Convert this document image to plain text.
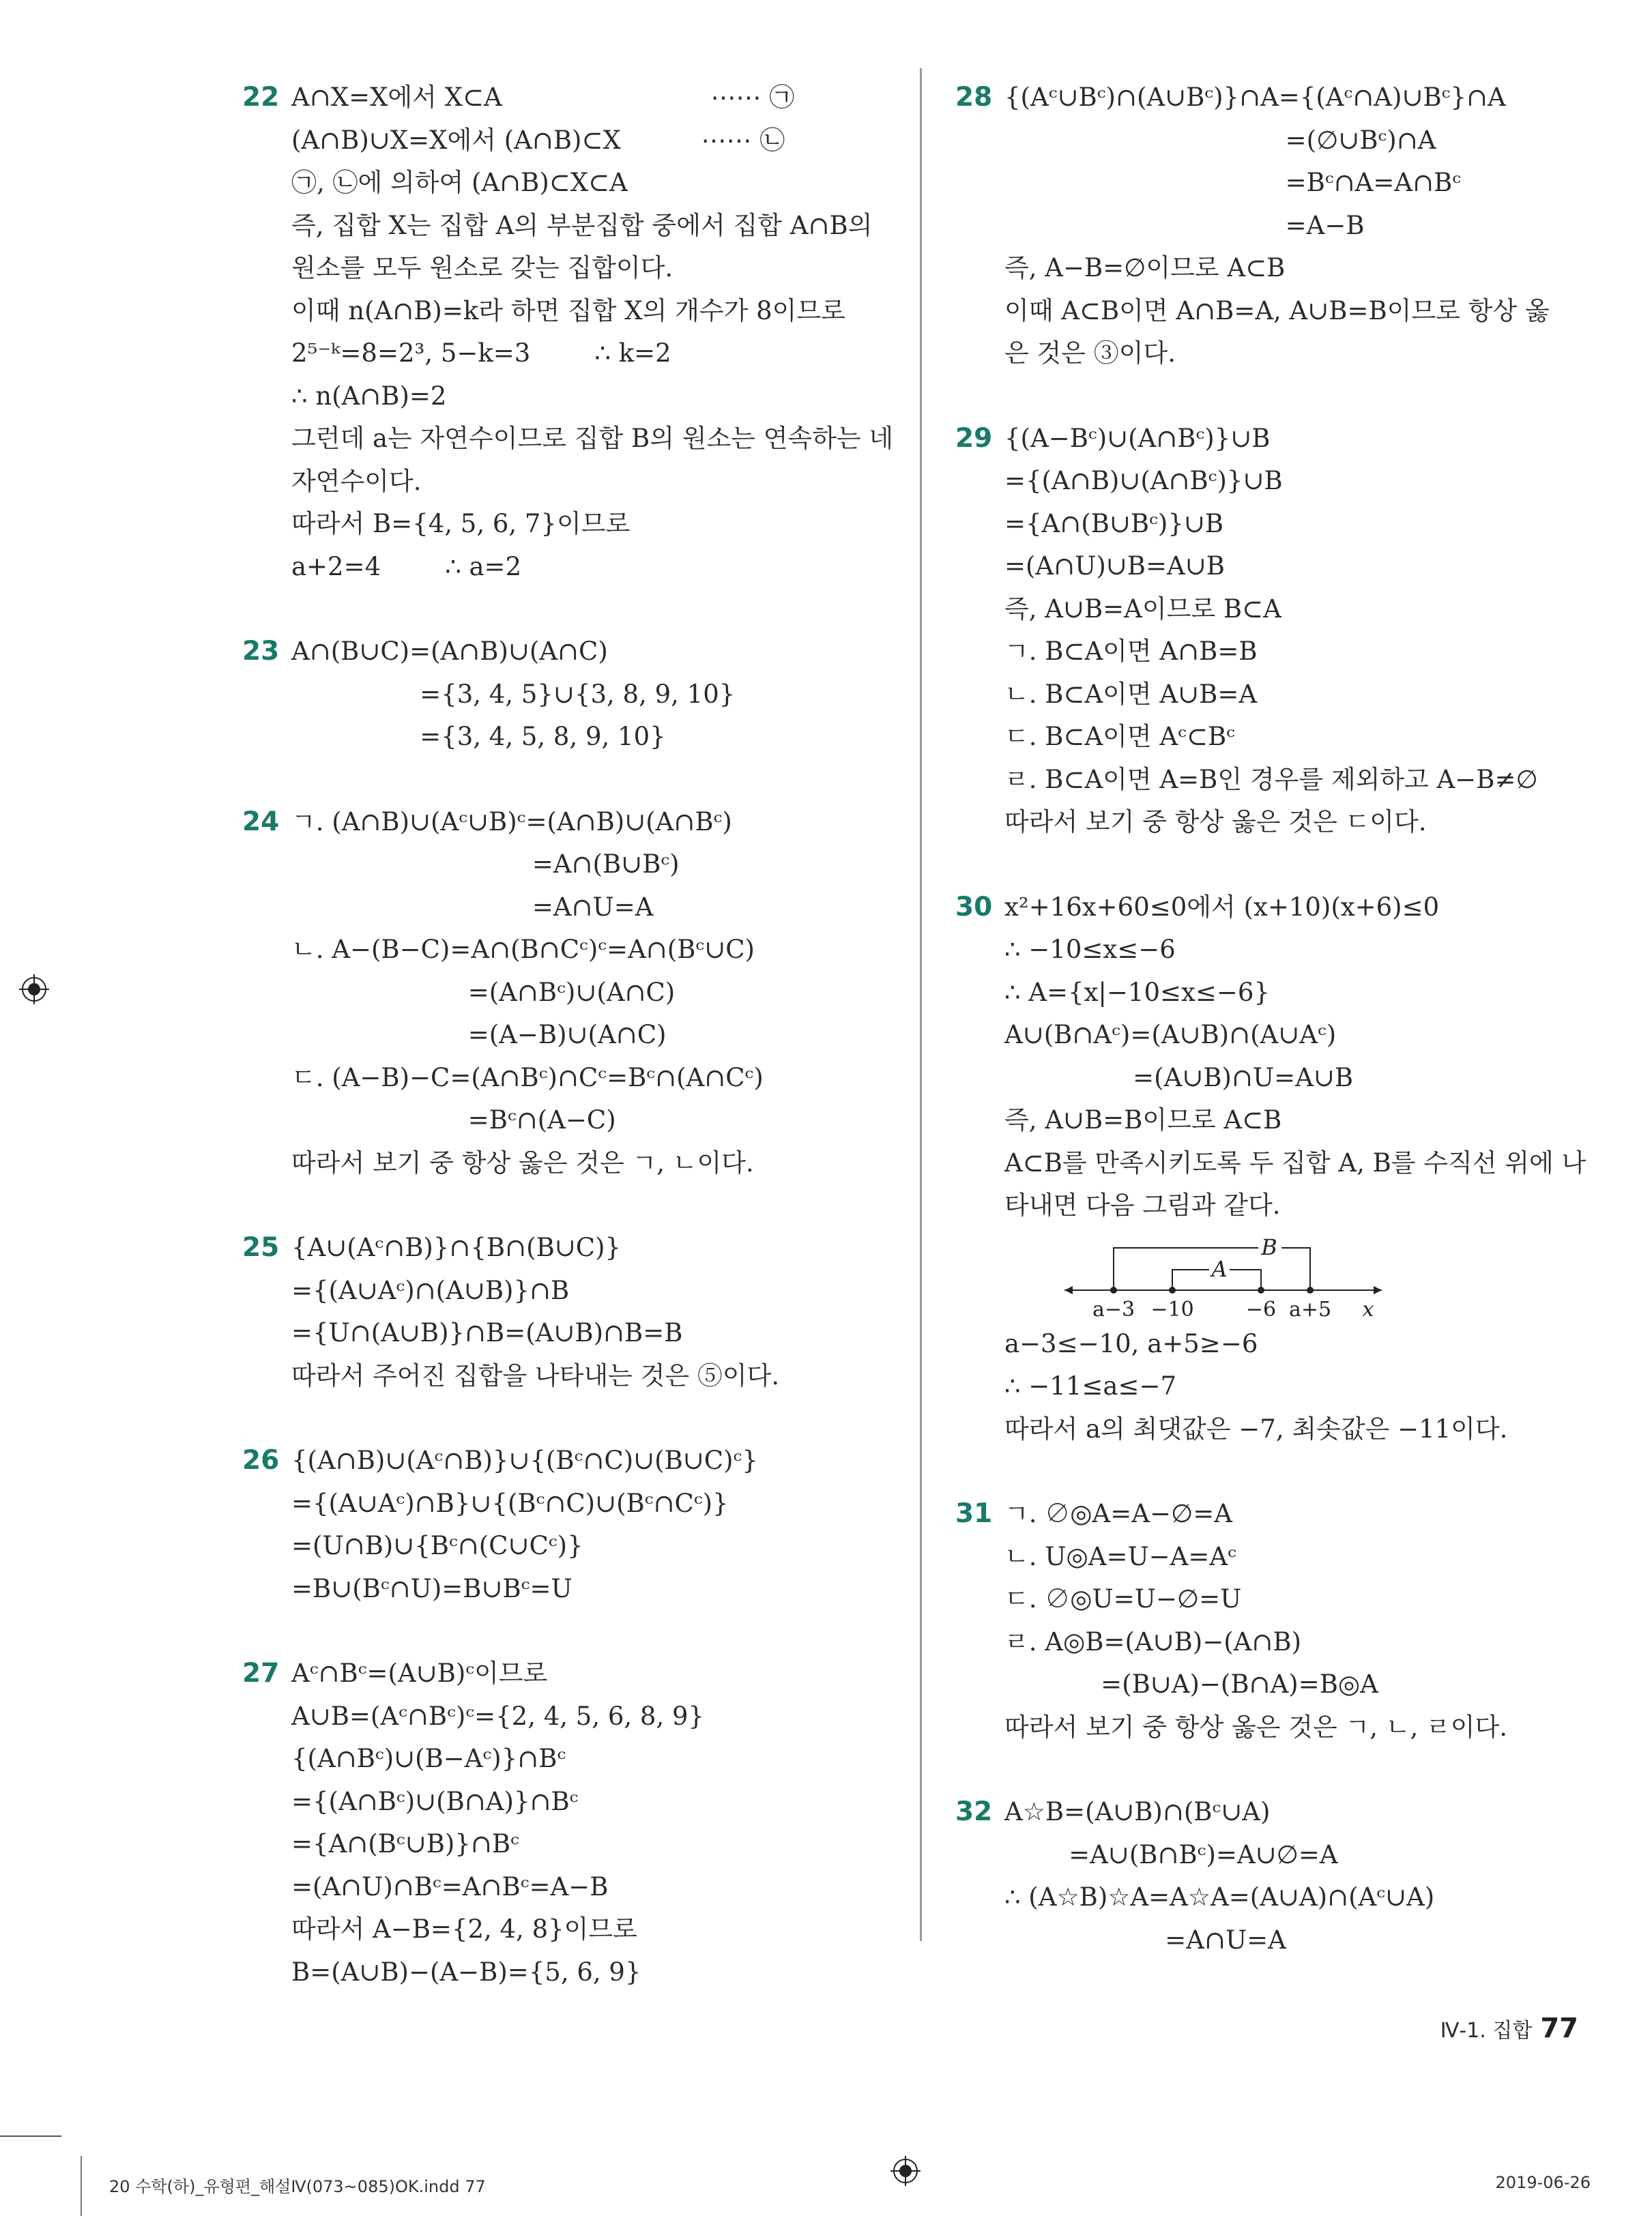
22 A∩X=X에서 X⊂A                          ⋯⋯ ㉠
(A∩B)∪X=X에서 (A∩B)⊂X          ⋯⋯ ㉡
㉠, ㉡에 의하여 (A∩B)⊂X⊂A
즉, 집합 X는 집합 A의 부분집합 중에서 집합 A∩B의
원소를 모두 원소로 갖는 집합이다.
이때 n(A∩B)=k라 하면 집합 X의 개수가 8이므로
2⁵⁻ᵏ=8=2³, 5−k=3        ∴ k=2
∴ n(A∩B)=2
그런데 a는 자연수이므로 집합 B의 원소는 연속하는 네
자연수이다.
따라서 B={4, 5, 6, 7}이므로
a+2=4        ∴ a=2
23 A∩(B∪C)=(A∩B)∪(A∩C)
={3, 4, 5}∪{3, 8, 9, 10}
={3, 4, 5, 8, 9, 10}
24 ㄱ. (A∩B)∪(Aᶜ∪B)ᶜ=(A∩B)∪(A∩Bᶜ)
=A∩(B∪Bᶜ)
=A∩U=A
ㄴ. A−(B−C)=A∩(B∩Cᶜ)ᶜ=A∩(Bᶜ∪C)
=(A∩Bᶜ)∪(A∩C)
=(A−B)∪(A∩C)
ㄷ. (A−B)−C=(A∩Bᶜ)∩Cᶜ=Bᶜ∩(A∩Cᶜ)
=Bᶜ∩(A−C)
따라서 보기 중 항상 옳은 것은 ㄱ, ㄴ이다.
25 {A∪(Aᶜ∩B)}∩{B∩(B∪C)}
={(A∪Aᶜ)∩(A∪B)}∩B
={U∩(A∪B)}∩B=(A∪B)∩B=B
따라서 주어진 집합을 나타내는 것은 ⑤이다.
26 {(A∩B)∪(Aᶜ∩B)}∪{(Bᶜ∩C)∪(B∪C)ᶜ}
={(A∪Aᶜ)∩B}∪{(Bᶜ∩C)∪(Bᶜ∩Cᶜ)}
=(U∩B)∪{Bᶜ∩(C∪Cᶜ)}
=B∪(Bᶜ∩U)=B∪Bᶜ=U
27 Aᶜ∩Bᶜ=(A∪B)ᶜ이므로
A∪B=(Aᶜ∩Bᶜ)ᶜ={2, 4, 5, 6, 8, 9}
{(A∩Bᶜ)∪(B−Aᶜ)}∩Bᶜ
={(A∩Bᶜ)∪(B∩A)}∩Bᶜ
={A∩(Bᶜ∪B)}∩Bᶜ
=(A∩U)∩Bᶜ=A∩Bᶜ=A−B
따라서 A−B={2, 4, 8}이므로
B=(A∪B)−(A−B)={5, 6, 9}
28 {(Aᶜ∪Bᶜ)∩(A∪Bᶜ)}∩A={(Aᶜ∩A)∪Bᶜ}∩A
=(∅∪Bᶜ)∩A
=Bᶜ∩A=A∩Bᶜ
=A−B
즉, A−B=∅이므로 A⊂B
이때 A⊂B이면 A∩B=A, A∪B=B이므로 항상 옳
은 것은 ③이다.
29 {(A−Bᶜ)∪(A∩Bᶜ)}∪B
={(A∩B)∪(A∩Bᶜ)}∪B
={A∩(B∪Bᶜ)}∪B
=(A∩U)∪B=A∪B
즉, A∪B=A이므로 B⊂A
ㄱ. B⊂A이면 A∩B=B
ㄴ. B⊂A이면 A∪B=A
ㄷ. B⊂A이면 Aᶜ⊂Bᶜ
ㄹ. B⊂A이면 A=B인 경우를 제외하고 A−B≠∅
따라서 보기 중 항상 옳은 것은 ㄷ이다.
30 x²+16x+60≤0에서 (x+10)(x+6)≤0
∴ −10≤x≤−6
∴ A={x|−10≤x≤−6}
A∪(B∩Aᶜ)=(A∪B)∩(A∪Aᶜ)
=(A∪B)∩U=A∪B
즉, A∪B=B이므로 A⊂B
A⊂B를 만족시키도록 두 집합 A, B를 수직선 위에 나
타내면 다음 그림과 같다.
B
A
a−3 −10	−6 a+5 x
a−3≤−10, a+5≥−6
∴ −11≤a≤−7
따라서 a의 최댓값은 −7, 최솟값은 −11이다.
31 ㄱ. ∅◎A=A−∅=A
ㄴ. U◎A=U−A=Aᶜ
ㄷ. ∅◎U=U−∅=U
ㄹ. A◎B=(A∪B)−(A∩B)
=(B∪A)−(B∩A)=B◎A
따라서 보기 중 항상 옳은 것은 ㄱ, ㄴ, ㄹ이다.
32 A☆B=(A∪B)∩(Bᶜ∪A)
=A∪(B∩Bᶜ)=A∪∅=A
∴ (A☆B)☆A=A☆A=(A∪A)∩(Aᶜ∪A)
=A∩U=A
Ⅳ-1. 집합 77
20 수학(하)_유형편_해설Ⅳ(073~085)OK.indd 77	2019-06-26
